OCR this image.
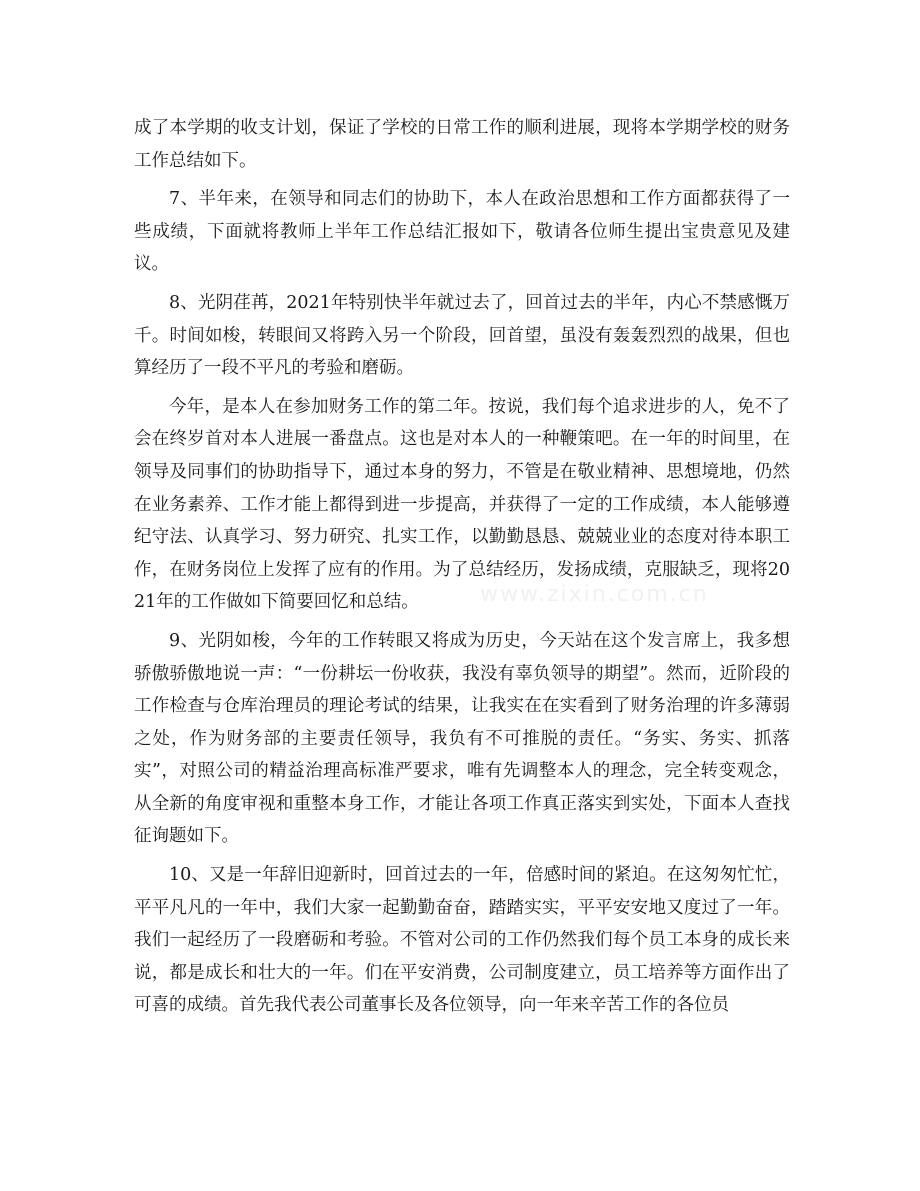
成了本学期的收支计划，保证了学校的日常工作的顺利进展，现将本学期学校的财务工作总结如下。

7、半年来，在领导和同志们的协助下，本人在政治思想和工作方面都获得了一些成绩，下面就将教师上半年工作总结汇报如下，敬请各位师生提出宝贵意见及建议。

8、光阴荏苒，2021年特别快半年就过去了，回首过去的半年，内心不禁感慨万千。时间如梭，转眼间又将跨入另一个阶段，回首望，虽没有轰轰烈烈的战果，但也算经历了一段不平凡的考验和磨砺。

今年，是本人在参加财务工作的第二年。按说，我们每个追求进步的人，免不了会在终岁首对本人进展一番盘点。这也是对本人的一种鞭策吧。在一年的时间里，在领导及同事们的协助指导下，通过本身的努力，不管是在敬业精神、思想境地，仍然在业务素养、工作才能上都得到进一步提高，并获得了一定的工作成绩，本人能够遵纪守法、认真学习、努力研究、扎实工作，以勤勤恳恳、兢兢业业的态度对待本职工作，在财务岗位上发挥了应有的作用。为了总结经历，发扬成绩，克服缺乏，现将2021年的工作做如下简要回忆和总结。

9、光阴如梭，今年的工作转眼又将成为历史，今天站在这个发言席上，我多想骄傲骄傲地说一声：“一份耕坛一份收获，我没有辜负领导的期望”。然而，近阶段的工作检查与仓库治理员的理论考试的结果，让我实在在实看到了财务治理的许多薄弱之处，作为财务部的主要责任领导，我负有不可推脱的责任。“务实、务实、抓落实”，对照公司的精益治理高标准严要求，唯有先调整本人的理念，完全转变观念，从全新的角度审视和重整本身工作，才能让各项工作真正落实到实处，下面本人查找征询题如下。

10、又是一年辞旧迎新时，回首过去的一年，倍感时间的紧迫。在这匆匆忙忙，平平凡凡的一年中，我们大家一起勤勤奋奋，踏踏实实，平平安安地又度过了一年。我们一起经历了一段磨砺和考验。不管对公司的工作仍然我们每个员工本身的成长来说，都是成长和壮大的一年。们在平安消费，公司制度建立，员工培养等方面作出了可喜的成绩。首先我代表公司董事长及各位领导，向一年来辛苦工作的各位员

www.zixin.com.cn
